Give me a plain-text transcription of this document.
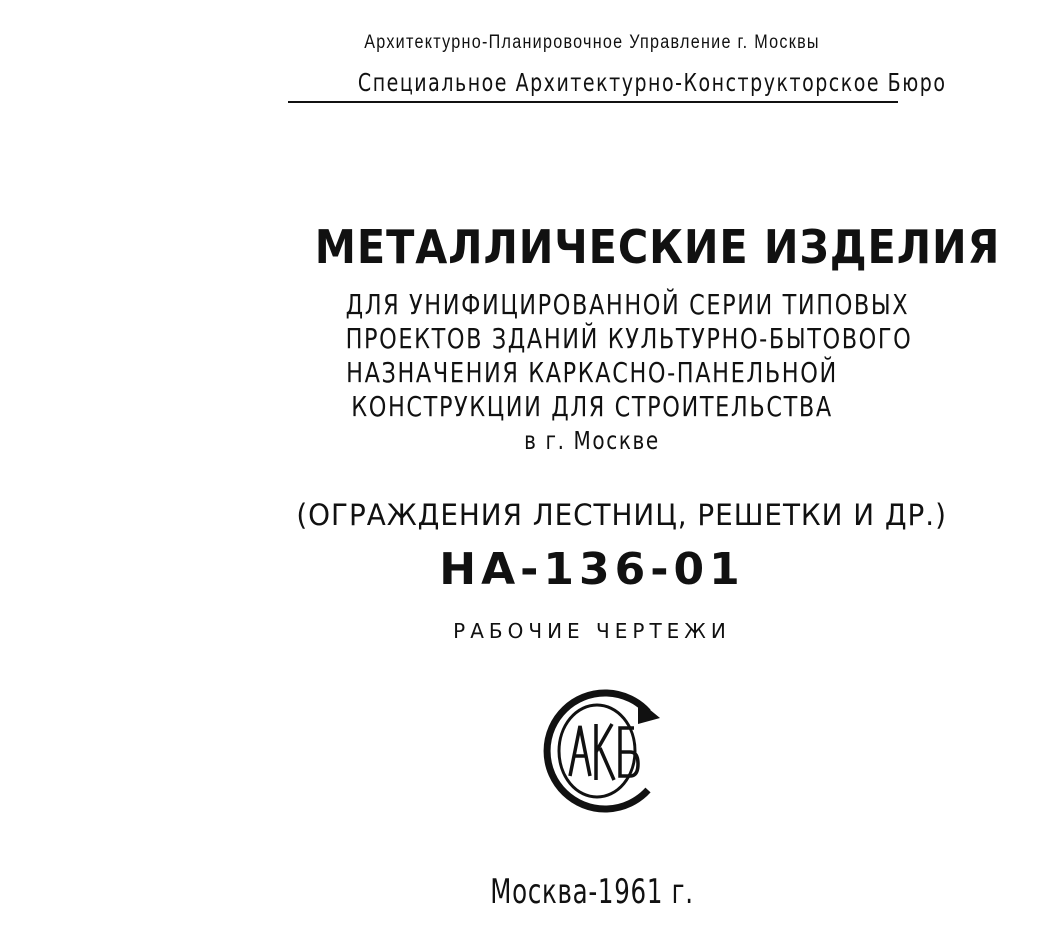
Архитектурно-Планировочное Управление г. Москвы
Специальное Архитектурно-Конструкторское Бюро
МЕТАЛЛИЧЕСКИЕ ИЗДЕЛИЯ
ДЛЯ УНИФИЦИРОВАННОЙ СЕРИИ ТИПОВЫХ
ПРОЕКТОВ ЗДАНИЙ КУЛЬТУРНО-БЫТОВОГО
НАЗНАЧЕНИЯ КАРКАСНО-ПАНЕЛЬНОЙ
КОНСТРУКЦИИ ДЛЯ СТРОИТЕЛЬСТВА
в г. Москве
(ОГРАЖДЕНИЯ ЛЕСТНИЦ, РЕШЕТКИ И ДР.)
НА-136-01
РАБОЧИЕ ЧЕРТЕЖИ
Москва-1961 г.
